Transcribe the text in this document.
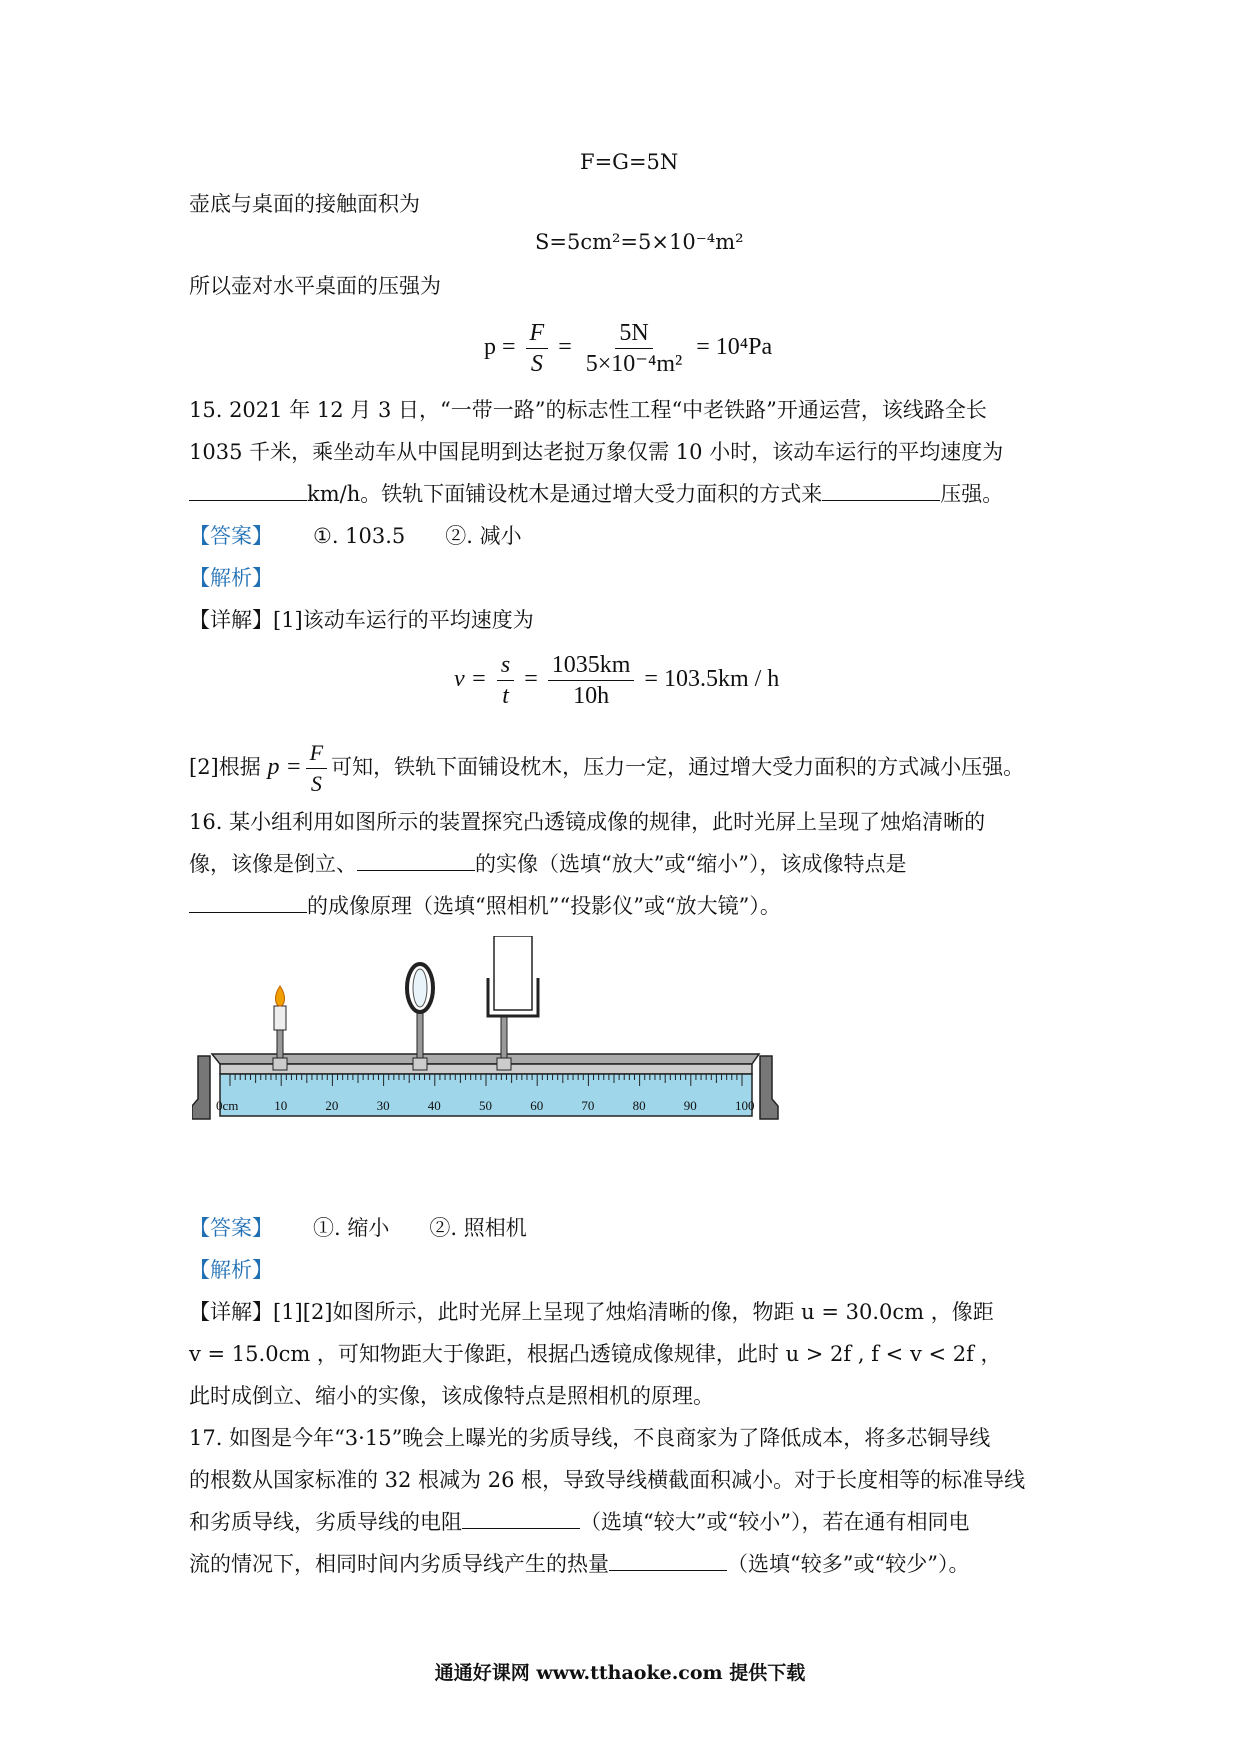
F=G=5N
壶底与桌面的接触面积为
S=5cm²=5×10⁻⁴m²
所以壶对水平桌面的压强为
$p = \frac{F}{S} = \frac{5N}{\text{5×10⁻⁴m²}} = 10^4Pa$
15. 2021 年 12 月 3 日，“一带一路”的标志性工程“中老铁路”开通运营，该线路全长
1035 千米，乘坐动车从中国昆明到达老挝万象仅需 10 小时，该动车运行的平均速度为
km/h。铁轨下面铺设枕木是通过增大受力面积的方式来	压强。
【答案】 ①. 103.5 ②. 减小
【解析】
【详解】[1]该动车运行的平均速度为
$v = \frac{s}{t} = \frac{1035km}{10h} = 103.5km / h$
[2]根据 $p = \frac{F}{S}$ 可知，铁轨下面铺设枕木，压力一定，通过增大受力面积的方式减小压强。
16. 某小组利用如图所示的装置探究凸透镜成像的规律，此时光屏上呈现了烛焰清晰的
像，该像是倒立、	的实像（选填“放大”或“缩小”），该成像特点是
的成像原理（选填“照相机”“投影仪”或“放大镜”）。
0cm	10	20	30	40	50	60	70	80	90	100
【答案】 ①. 缩小 ②. 照相机
【解析】
【详解】[1][2]如图所示，此时光屏上呈现了烛焰清晰的像，物距 u = 30.0cm ，像距
v = 15.0cm ，可知物距大于像距，根据凸透镜成像规律，此时 u > 2f , f < v < 2f ，
此时成倒立、缩小的实像，该成像特点是照相机的原理。
17. 如图是今年“3·15”晚会上曝光的劣质导线，不良商家为了降低成本，将多芯铜导线
的根数从国家标准的 32 根减为 26 根，导致导线横截面积减小。对于长度相等的标准导线
和劣质导线，劣质导线的电阻	（选填“较大”或“较小”），若在通有相同电
流的情况下，相同时间内劣质导线产生的热量	（选填“较多”或“较少”）。
通通好课网 www.tthaoke.com 提供下载
